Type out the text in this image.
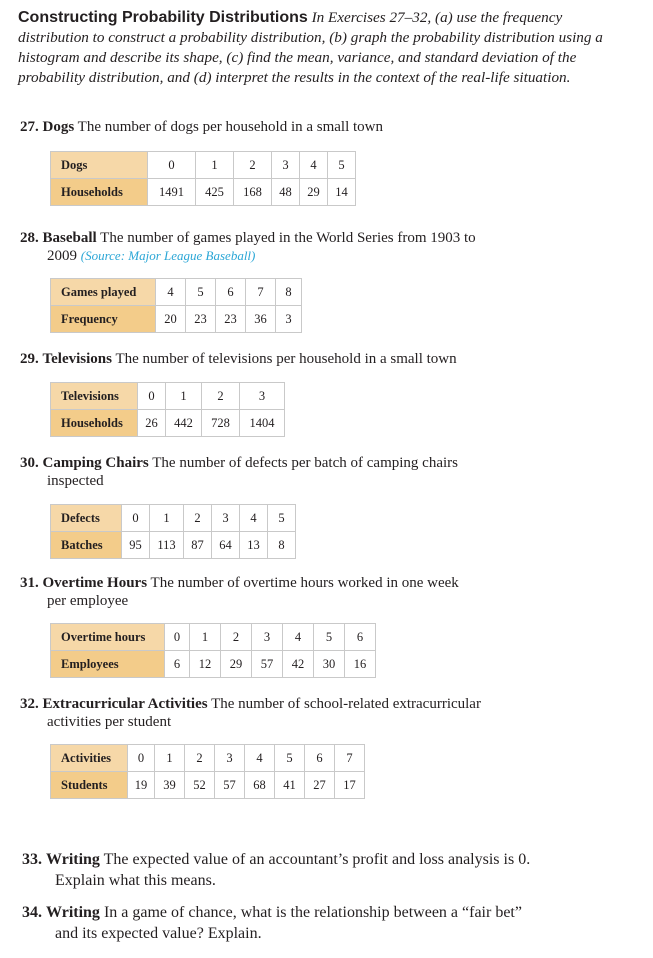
Constructing Probability Distributions In Exercises 27–32, (a) use the frequency distribution to construct a probability distribution, (b) graph the probability distribution using a histogram and describe its shape, (c) find the mean, variance, and standard deviation of the probability distribution, and (d) interpret the results in the context of the real-life situation.
27. Dogs The number of dogs per household in a small town
Dogs	0	1	2	3	4	5
Households	1491	425	168	48	29	14
28. Baseball The number of games played in the World Series from 1903 to
2009 (Source: Major League Baseball)
Games played	4	5	6	7	8
Frequency	20	23	23	36	3
29. Televisions The number of televisions per household in a small town
Televisions	0	1	2	3
Households	26	442	728	1404
30. Camping Chairs The number of defects per batch of camping chairs
inspected
Defects	0	1	2	3	4	5
Batches	95	113	87	64	13	8
31. Overtime Hours The number of overtime hours worked in one week
per employee
Overtime hours	0	1	2	3	4	5	6
Employees	6	12	29	57	42	30	16
32. Extracurricular Activities The number of school-related extracurricular
activities per student
Activities	0	1	2	3	4	5	6	7
Students	19	39	52	57	68	41	27	17
33. Writing The expected value of an accountant’s profit and loss analysis is 0.
Explain what this means.
34. Writing In a game of chance, what is the relationship between a “fair bet”
and its expected value? Explain.
